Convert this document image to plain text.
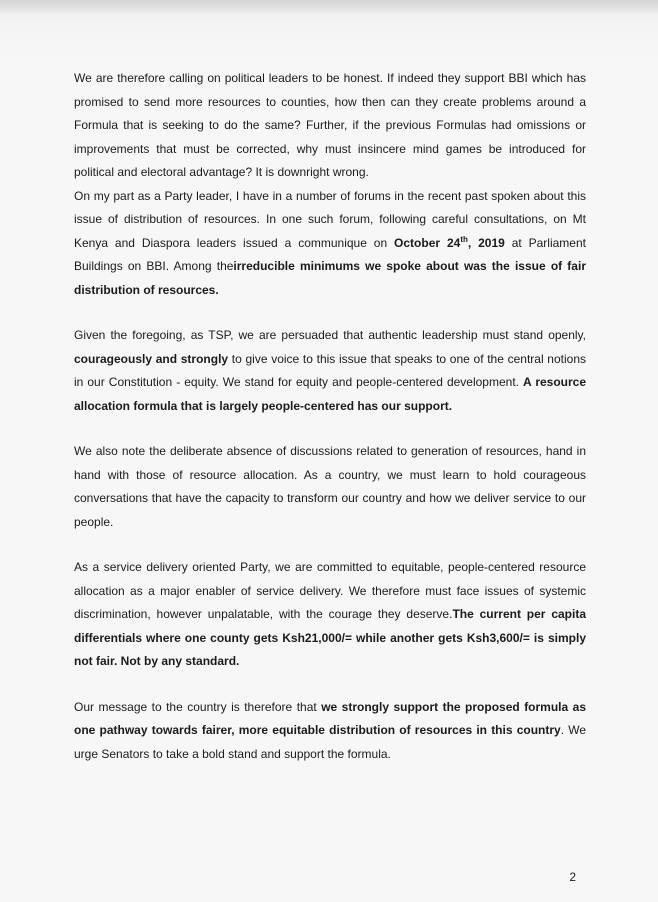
We are therefore calling on political leaders to be honest. If indeed they support BBI which has promised to send more resources to counties, how then can they create problems around a Formula that is seeking to do the same? Further, if the previous Formulas had omissions or improvements that must be corrected, why must insincere mind games be introduced for political and electoral advantage? It is downright wrong.

On my part as a Party leader, I have in a number of forums in the recent past spoken about this issue of distribution of resources. In one such forum, following careful consultations, on Mt Kenya and Diaspora leaders issued a communique on October 24th, 2019 at Parliament Buildings on BBI. Among theirreducible minimums we spoke about was the issue of fair distribution of resources.

Given the foregoing, as TSP, we are persuaded that authentic leadership must stand openly, courageously and strongly to give voice to this issue that speaks to one of the central notions in our Constitution - equity. We stand for equity and people-centered development. A resource allocation formula that is largely people-centered has our support.

We also note the deliberate absence of discussions related to generation of resources, hand in hand with those of resource allocation. As a country, we must learn to hold courageous conversations that have the capacity to transform our country and how we deliver service to our people.

As a service delivery oriented Party, we are committed to equitable, people-centered resource allocation as a major enabler of service delivery. We therefore must face issues of systemic discrimination, however unpalatable, with the courage they deserve.The current per capita differentials where one county gets Ksh21,000/= while another gets Ksh3,600/= is simply not fair. Not by any standard.

Our message to the country is therefore that we strongly support the proposed formula as one pathway towards fairer, more equitable distribution of resources in this country. We urge Senators to take a bold stand and support the formula.

2
